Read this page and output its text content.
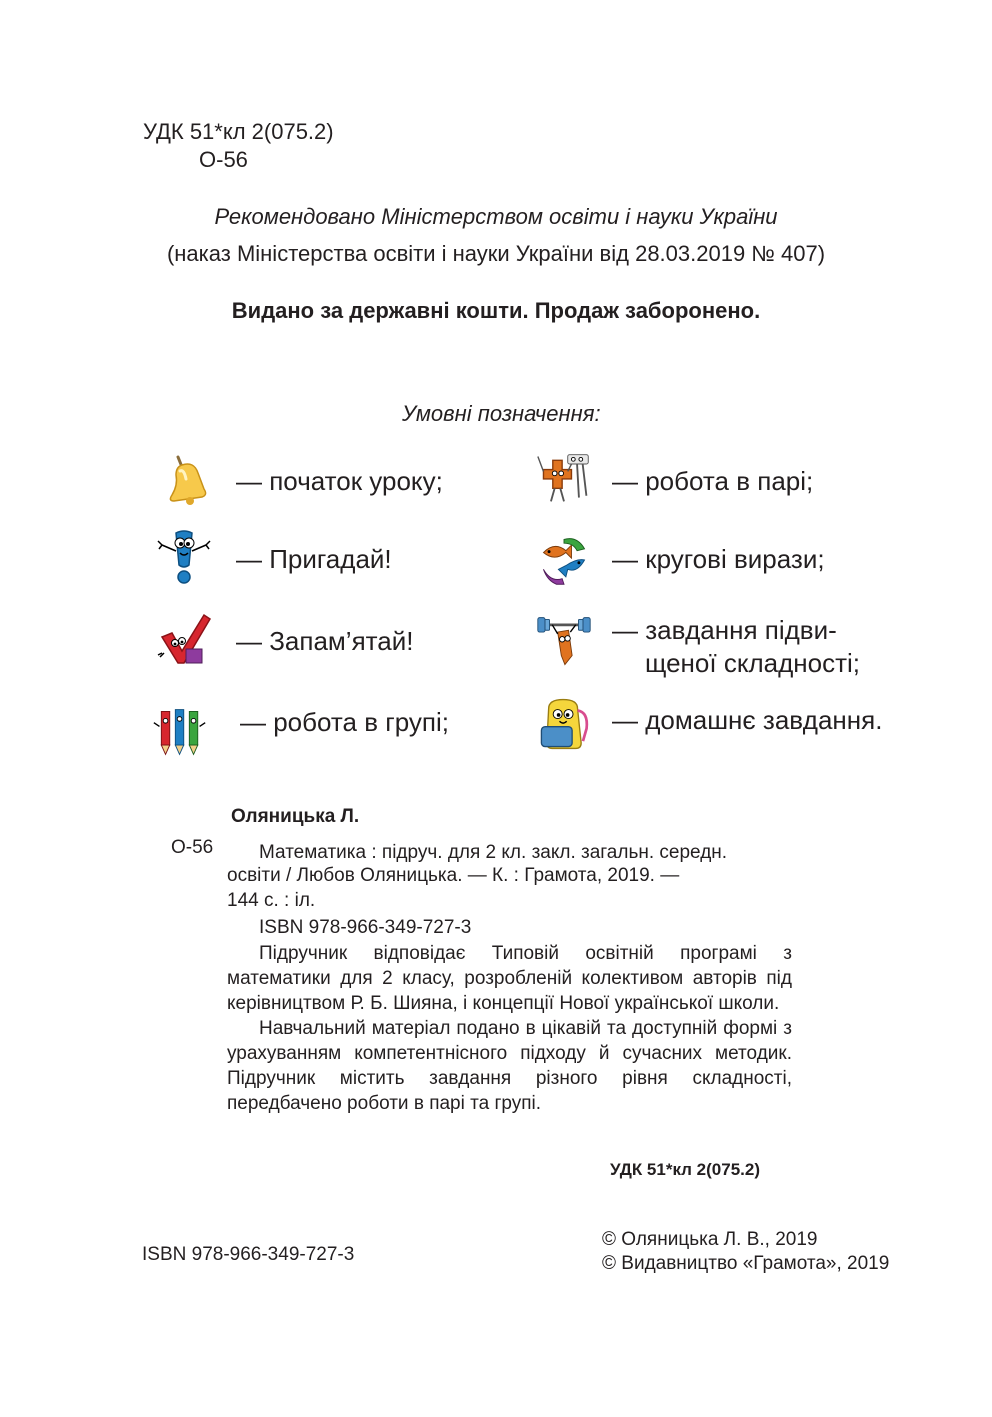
УДК 51*кл 2(075.2)
О-56
Рекомендовано Міністерством освіти і науки України
(наказ Міністерства освіти і науки України від 28.03.2019 № 407)
Видано за державні кошти. Продаж заборонено.
Умовні позначення:
— початок уроку;
— Пригадай!
— Запам’ятай!
— робота в групі;
— робота в парі;
— кругові вирази;
— завдання підви-
щеної складності;
— домашнє завдання.
Оляницька Л.
О-56 Математика : підруч. для 2 кл. закл. загальн. середн.
освіти / Любов Оляницька. — К. : Грамота, 2019. —
144 с. : іл.
ISBN 978-966-349-727-3

Підручник відповідає Типовій освітній програмі з математики для 2 класу, розробленій колективом авторів під керівництвом Р. Б. Шияна, і концепції Нової української школи.

Навчальний матеріал подано в цікавій та доступній формі з урахуванням компетентнісного підходу й сучасних методик. Підручник містить завдання різного рівня складності, передбачено роботи в парі та групі.

УДК 51*кл 2(075.2)
ISBN 978-966-349-727-3
© Оляницька Л. В., 2019
© Видавництво «Грамота», 2019
